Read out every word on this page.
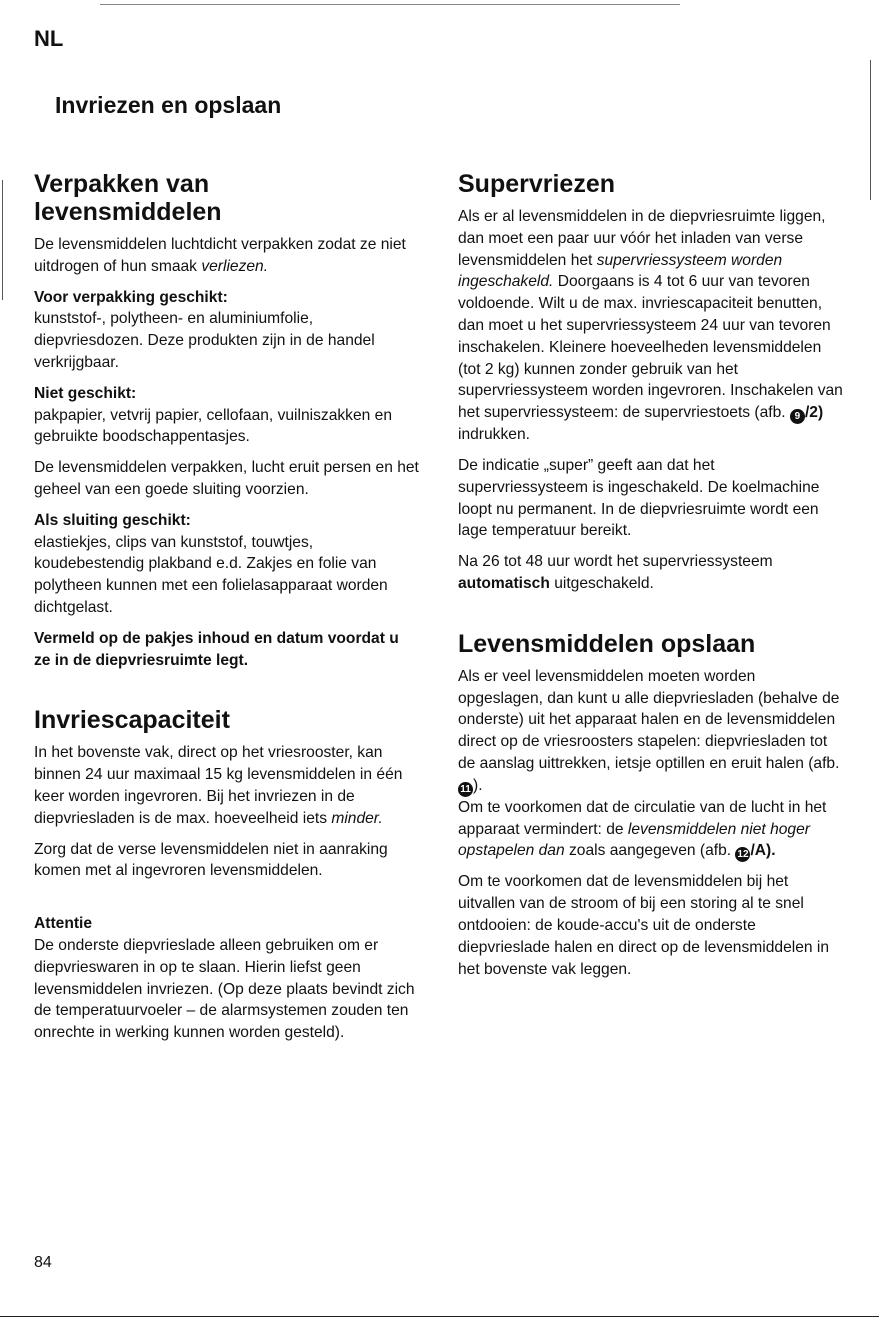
NL
Invriezen en opslaan
Verpakken van levensmiddelen

De levensmiddelen luchtdicht verpakken zodat ze niet uitdrogen of hun smaak verliezen.

Voor verpakking geschikt:
kunststof-, polytheen- en aluminiumfolie, diepvriesdozen. Deze produkten zijn in de handel verkrijgbaar.

Niet geschikt:
pakpapier, vetvrij papier, cellofaan, vuilniszakken en gebruikte boodschappentasjes.

De levensmiddelen verpakken, lucht eruit persen en het geheel van een goede sluiting voorzien.

Als sluiting geschikt:
elastiekjes, clips van kunststof, touwtjes, koudebestendig plakband e.d. Zakjes en folie van polytheen kunnen met een folielasapparaat worden dichtgelast.

Vermeld op de pakjes inhoud en datum voordat u ze in de diepvriesruimte legt.

Invriescapaciteit

In het bovenste vak, direct op het vriesrooster, kan binnen 24 uur maximaal 15 kg levensmiddelen in één keer worden ingevroren. Bij het invriezen in de diepvriesladen is de max. hoeveelheid iets minder.

Zorg dat de verse levensmiddelen niet in aanraking komen met al ingevroren levensmiddelen.

Attentie
De onderste diepvrieslade alleen gebruiken om er diepvrieswaren in op te slaan. Hierin liefst geen levensmiddelen invriezen. (Op deze plaats bevindt zich de temperatuurvoeler – de alarmsystemen zouden ten onrechte in werking kunnen worden gesteld).

Supervriezen

Als er al levensmiddelen in de diepvriesruimte liggen, dan moet een paar uur vóór het inladen van verse levensmiddelen het supervriessysteem worden ingeschakeld. Doorgaans is 4 tot 6 uur van tevoren voldoende. Wilt u de max. invriescapaciteit benutten, dan moet u het supervriessysteem 24 uur van tevoren inschakelen. Kleinere hoeveelheden levensmiddelen (tot 2 kg) kunnen zonder gebruik van het supervriessysteem worden ingevroren. Inschakelen van het supervriessysteem: de supervriestoets (afb. 9 /2) indrukken.

De indicatie „super” geeft aan dat het supervriessysteem is ingeschakeld. De koelmachine loopt nu permanent. In de diepvriesruimte wordt een lage temperatuur bereikt.

Na 26 tot 48 uur wordt het supervriessysteem automatisch uitgeschakeld.

Levensmiddelen opslaan

Als er veel levensmiddelen moeten worden opgeslagen, dan kunt u alle diepvriesladen (behalve de onderste) uit het apparaat halen en de levensmiddelen direct op de vriesroosters stapelen: diepvriesladen tot de aanslag uittrekken, ietsje optillen en eruit halen (afb. 11 ).

Om te voorkomen dat de circulatie van de lucht in het apparaat vermindert: de levensmiddelen niet hoger opstapelen dan zoals aangegeven (afb. 12 /A).

Om te voorkomen dat de levensmiddelen bij het uitvallen van de stroom of bij een storing al te snel ontdooien: de koude-accu's uit de onderste diepvrieslade halen en direct op de levensmiddelen in het bovenste vak leggen.

84
